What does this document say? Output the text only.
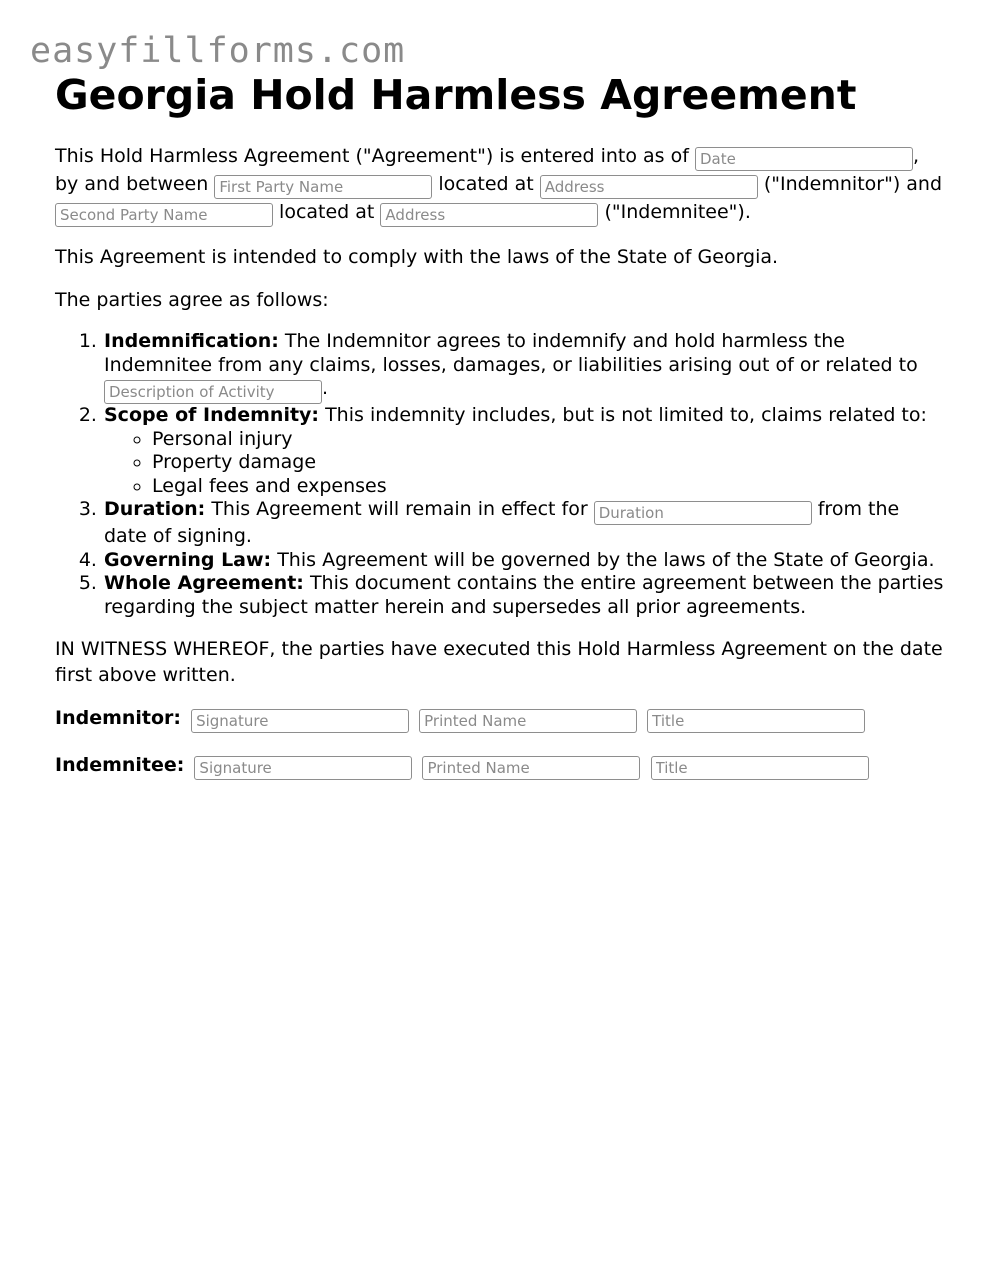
easyfillforms.com
Georgia Hold Harmless Agreement

This Hold Harmless Agreement ("Agreement") is entered into as of Date	, by and between First Party Name	located at Address	("Indemnitor") and Second Party Name located at Address	("Indemnitee").

This Agreement is intended to comply with the laws of the State of Georgia.

The parties agree as follows:

1. Indemnification: The Indemnitor agrees to indemnify and hold harmless the Indemnitee from any claims, losses, damages, or liabilities arising out of or related to Description of Activity.
2. Scope of Indemnity: This indemnity includes, but is not limited to, claims related to:
◦ Personal injury
◦ Property damage
◦ Legal fees and expenses
3. Duration: This Agreement will remain in effect for Duration	from the date of signing.
4. Governing Law: This Agreement will be governed by the laws of the State of Georgia.
5. Whole Agreement: This document contains the entire agreement between the parties regarding the subject matter herein and supersedes all prior agreements.

IN WITNESS WHEREOF, the parties have executed this Hold Harmless Agreement on the date first above written.

Indemnitor: Signature Printed Name Title
Indemnitee: Signature Printed Name Title
